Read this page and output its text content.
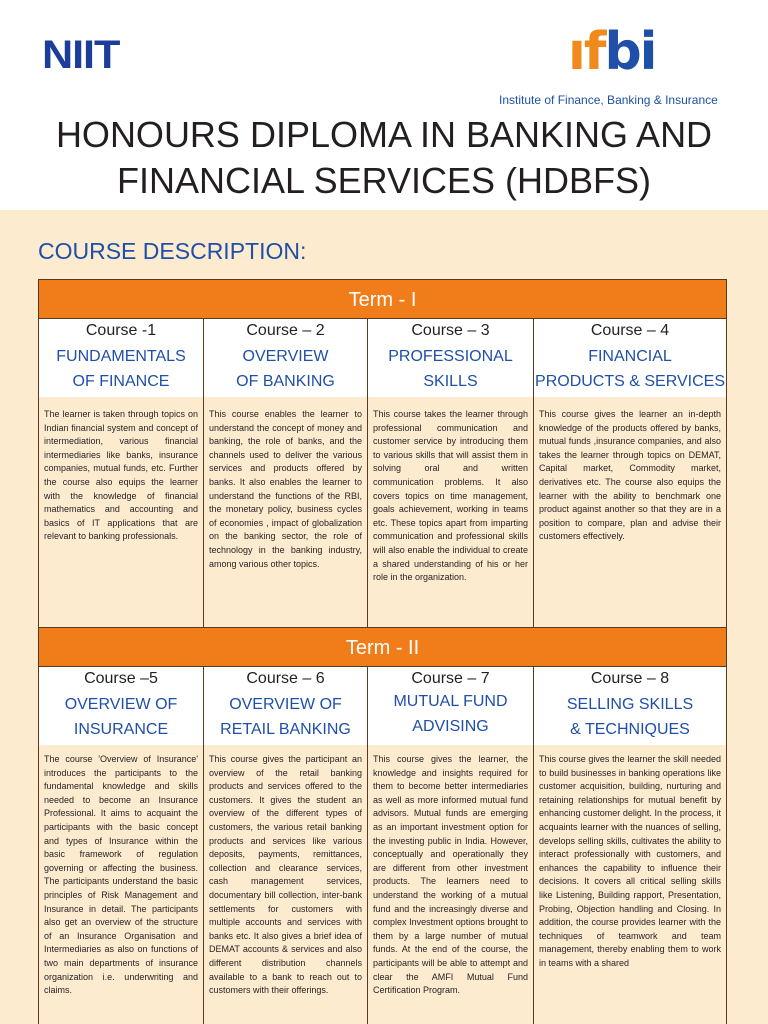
NIIT	ıfbi
Institute of Finance, Banking & Insurance
HONOURS DIPLOMA IN BANKING AND
FINANCIAL SERVICES (HDBFS)
COURSE DESCRIPTION:
Term - I
Course -1
FUNDAMENTALS
OF FINANCE
Course – 2
OVERVIEW
OF BANKING
Course – 3
PROFESSIONAL
SKILLS
Course – 4
FINANCIAL
PRODUCTS & SERVICES
The learner is taken through topics on Indian financial system and concept of intermediation, various financial intermediaries like banks, insurance companies, mutual funds, etc. Further the course also equips the learner with the knowledge of financial mathematics and accounting and basics of IT applications that are relevant to banking professionals.
This course enables the learner to understand the concept of money and banking, the role of banks, and the channels used to deliver the various services and products offered by banks. It also enables the learner to understand the functions of the RBI, the monetary policy, business cycles of economies , impact of globalization on the banking sector, the role of technology in the banking industry, among various other topics.
This course takes the learner through professional communication and customer service by introducing them to various skills that will assist them in solving oral and written communication problems. It also covers topics on time management, goals achievement, working in teams etc. These topics apart from imparting communication and professional skills will also enable the individual to create a shared understanding of his or her role in the organization.
This course gives the learner an in-depth knowledge of the products offered by banks, mutual funds ,insurance companies, and also takes the learner through topics on DEMAT, Capital market, Commodity market, derivatives etc. The course also equips the learner with the ability to benchmark one product against another so that they are in a position to compare, plan and advise their customers effectively.
Term - II
Course –5
OVERVIEW OF
INSURANCE
Course – 6
OVERVIEW OF
RETAIL BANKING
Course – 7
MUTUAL FUND
ADVISING
Course – 8
SELLING SKILLS
& TECHNIQUES
The course 'Overview of Insurance' introduces the participants to the fundamental knowledge and skills needed to become an Insurance Professional. It aims to acquaint the participants with the basic concept and types of Insurance within the basic framework of regulation governing or affecting the business. The participants understand the basic principles of Risk Management and Insurance in detail. The participants also get an overview of the structure of an Insurance Organisation and Intermediaries as also on functions of two main departments of insurance organization i.e. underwriting and claims.
This course gives the participant an overview of the retail banking products and services offered to the customers. It gives the student an overview of the different types of customers, the various retail banking products and services like various deposits, payments, remittances, collection and clearance services, cash management services, documentary bill collection, inter-bank settlements for customers with multiple accounts and services with banks etc. It also gives a brief idea of DEMAT accounts & services and also different distribution channels available to a bank to reach out to customers with their offerings.
This course gives the learner, the knowledge and insights required for them to become better intermediaries as well as more informed mutual fund advisors. Mutual funds are emerging as an important investment option for the investing public in India. However, conceptually and operationally they are different from other investment products. The learners need to understand the working of a mutual fund and the increasingly diverse and complex Investment options brought to them by a large number of mutual funds. At the end of the course, the participants will be able to attempt and clear the AMFI Mutual Fund Certification Program.
This course gives the learner the skill needed to build businesses in banking operations like customer acquisition, building, nurturing and retaining relationships for mutual benefit by enhancing customer delight. In the process, it acquaints learner with the nuances of selling, develops selling skills, cultivates the ability to interact professionally with customers, and enhances the capability to influence their decisions. It covers all critical selling skills like Listening, Building rapport, Presentation, Probing, Objection handling and Closing. In addition, the course provides learner with the techniques of teamwork and team management, thereby enabling them to work in teams with a shared
